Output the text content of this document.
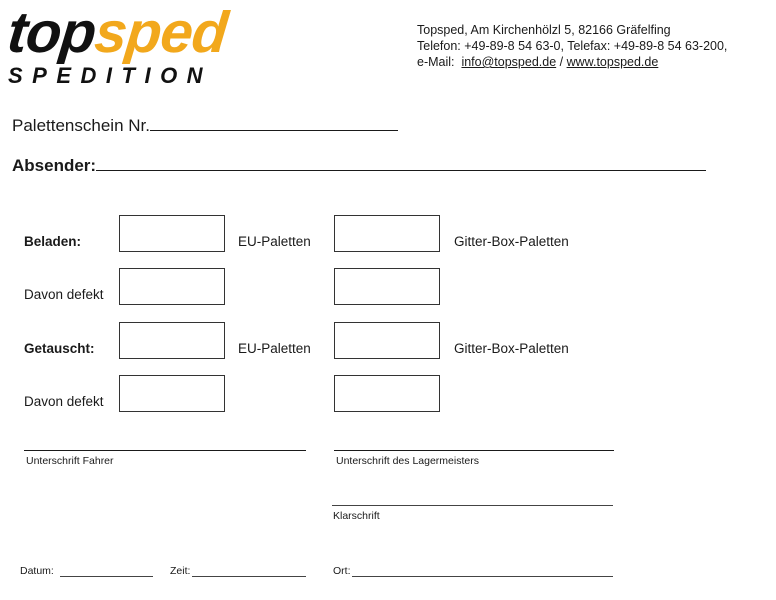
topsped
SPEDITION
Topsped, Am Kirchenhölzl 5, 82166 Gräfelfing
Telefon: +49-89-8 54 63-0, Telefax: +49-89-8 54 63-200,
e-Mail:  info@topsped.de / www.topsped.de
Palettenschein Nr.
Absender:
Beladen:	EU-Paletten	Gitter-Box-Paletten
Davon defekt
Getauscht:	EU-Paletten	Gitter-Box-Paletten
Davon defekt
Unterschrift Fahrer	Unterschrift des Lagermeisters
Klarschrift
Datum:	Zeit:	Ort:
